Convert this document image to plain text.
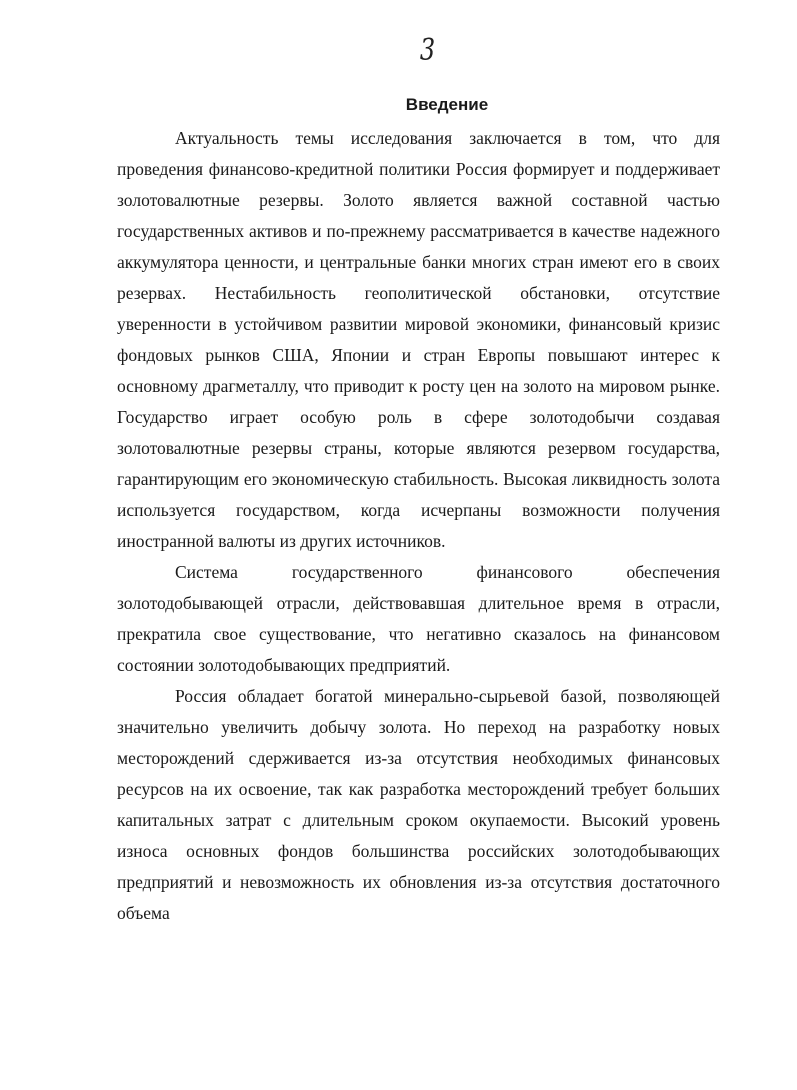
3
Введение

Актуальность темы исследования заключается в том, что для проведения финансово-кредитной политики Россия формирует и поддерживает золотовалютные резервы. Золото является важной составной частью государственных активов и по-прежнему рассматривается в качестве надежного аккумулятора ценности, и центральные банки многих стран имеют его в своих резервах. Нестабильность геополитической обстановки, отсутствие уверенности в устойчивом развитии мировой экономики, финансовый кризис фондовых рынков США, Японии и стран Европы повышают интерес к основному драгметаллу, что приводит к росту цен на золото на мировом рынке. Государство играет особую роль в сфере золотодобычи создавая золотовалютные резервы страны, которые являются резервом государства, гарантирующим его экономическую стабильность. Высокая ликвидность золота используется государством, когда исчерпаны возможности получения иностранной валюты из других источников.

Система государственного финансового обеспечения золотодобывающей отрасли, действовавшая длительное время в отрасли, прекратила свое существование, что негативно сказалось на финансовом состоянии золотодобывающих предприятий.

Россия обладает богатой минерально-сырьевой базой, позволяющей значительно увеличить добычу золота. Но переход на разработку новых месторождений сдерживается из-за отсутствия необходимых финансовых ресурсов на их освоение, так как разработка месторождений требует больших капитальных затрат с длительным сроком окупаемости. Высокий уровень износа основных фондов большинства российских золотодобывающих предприятий и невозможность их обновления из-за отсутствия достаточного объема
